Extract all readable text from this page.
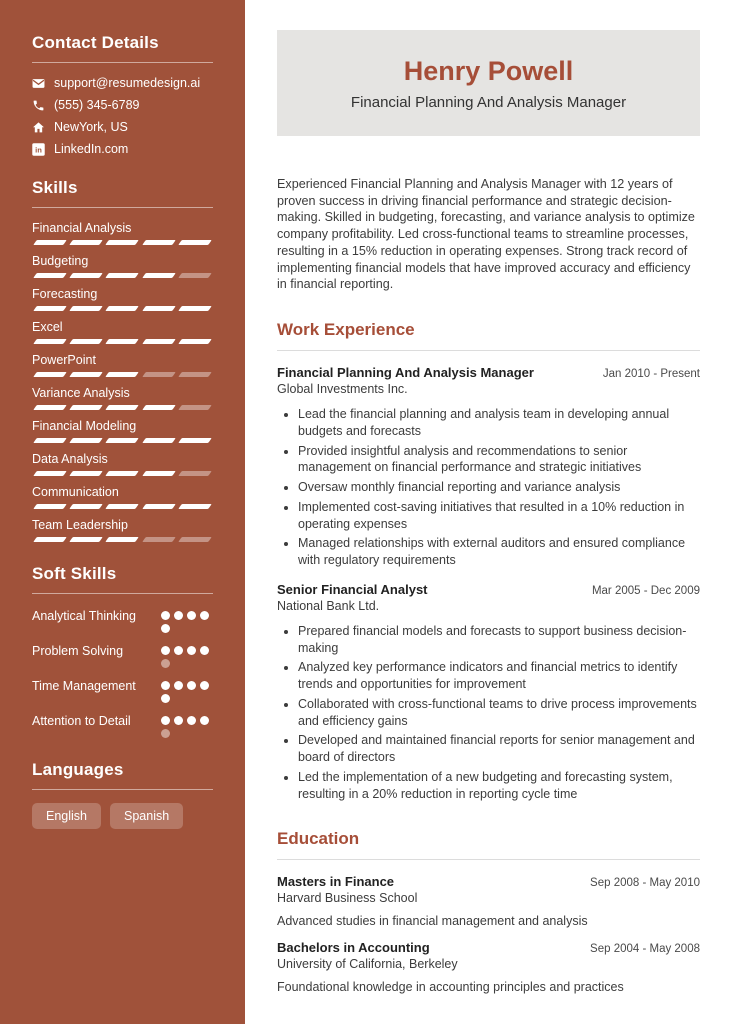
Contact Details
support@resumedesign.ai
(555) 345-6789
NewYork, US
in LinkedIn.com
Skills
Financial Analysis
Budgeting
Forecasting
Excel
PowerPoint
Variance Analysis
Financial Modeling
Data Analysis
Communication
Team Leadership
Soft Skills
Analytical Thinking
Problem Solving
Time Management
Attention to Detail
Languages
English	Spanish
Henry Powell
Financial Planning And Analysis Manager

Experienced Financial Planning and Analysis Manager with 12 years of proven success in driving financial performance and strategic decision-making. Skilled in budgeting, forecasting, and variance analysis to optimize company profitability. Led cross-functional teams to streamline processes, resulting in a 15% reduction in operating expenses. Strong track record of implementing financial models that have improved accuracy and efficiency in financial reporting.

Work Experience
Financial Planning And Analysis Manager	Jan 2010 - Present
Global Investments Inc.
• Lead the financial planning and analysis team in developing annual budgets and forecasts
• Provided insightful analysis and recommendations to senior management on financial performance and strategic initiatives
• Oversaw monthly financial reporting and variance analysis
• Implemented cost-saving initiatives that resulted in a 10% reduction in operating expenses
• Managed relationships with external auditors and ensured compliance with regulatory requirements
Senior Financial Analyst	Mar 2005 - Dec 2009
National Bank Ltd.
• Prepared financial models and forecasts to support business decision-making
• Analyzed key performance indicators and financial metrics to identify trends and opportunities for improvement
• Collaborated with cross-functional teams to drive process improvements and efficiency gains
• Developed and maintained financial reports for senior management and board of directors
• Led the implementation of a new budgeting and forecasting system, resulting in a 20% reduction in reporting cycle time
Education
Masters in Finance	Sep 2008 - May 2010
Harvard Business School
Advanced studies in financial management and analysis
Bachelors in Accounting	Sep 2004 - May 2008
University of California, Berkeley
Foundational knowledge in accounting principles and practices
